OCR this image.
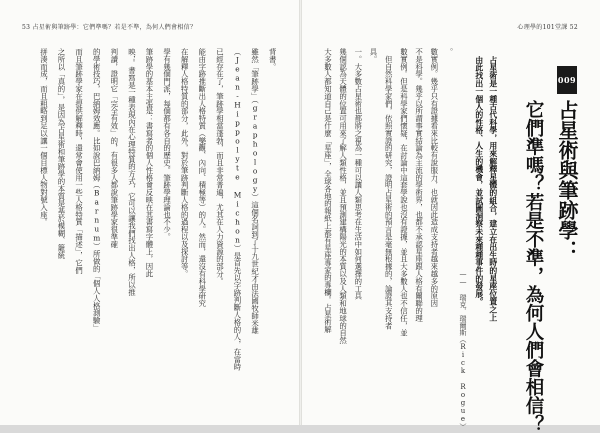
53 占星術與筆跡學：它們準嗎？若是不準，為何人們會相信？
拼湊而成，而且粗略到足以讓一個目標人物對號入座。 之所以「真的」，是因為占星術和筆跡學的本質是基於模糊、籠統 而且筆跡學家在提供解釋時，還常會使用一些人格特質「描述」，它們 的學術技巧，巴納姆效應。比如說巴納姆（Barnum）所做的「個人人格測驗」 判讀，證明它「完全有效」的，有很多人都說筆跡學家很準確 映，。書寫是一種表現內在心理特質的方式，它可以讓我們找出人格，所以推 筆跡學的基本主張是：書寫者的個人性格會反映在其書寫字體上，因此 學有幾個門派，每個都有各自的歷史。筆跡學理論也不少。 在解釋人格特質的部分，此外，對於筆跡判斷人格的過程以及探討等。 能由字跡推斷出人格特質（樂觀、內向、積極等）的人。然而，還沒有科學研究 已經存在了，筆跡學相當蓬勃，而且非常普遍，尤其在人力資源的部分。 （Jean-Hippolyte Michon）是首先以字跡判斷人格的人，在當時 雖然「筆跡學」（graphology）這個名詞到了十九世紀才由法國牧師米雄 背書。
心理學的101堂課 52
009
占星術與筆跡學：
它們準嗎？若是不準，為何人們會相信？
占星術是一種古代科學，用來解釋星體的組合，建立在出生時的星座位置之上
由此找出一個人的性格、人生的機會，並試圖洞察未來種種事件的發展。
—— 瑞克．瑞爾斯（Rick Rogue）
大多數人都知道自己是什麼「星座」，全球各地的報紙上都有星座專家的專欄。占星術解 幾個認為天體的位置可用來了解人類性格，並且預測建構陽光的本質以及人類和地球的自然 一。大多數占星術也都將之視為一種可以讓人類思考在生活中如何選擇的工具 具。 　但自然科學家們，依照實證的研究，證明占星術的預言是毫無根據的，論證其支持者 數實例。但是科學家們懷疑，在討論中這套學說也沒有證據，並且大多數人也不信任，並 不是科學。幾乎以所謂事實結論為主流的學術界，也都不承認星座跟人格有關聯的理 數實例。幾乎只有證據看來比較有說服力，也就因此造成支持者越來越多的原因 。
